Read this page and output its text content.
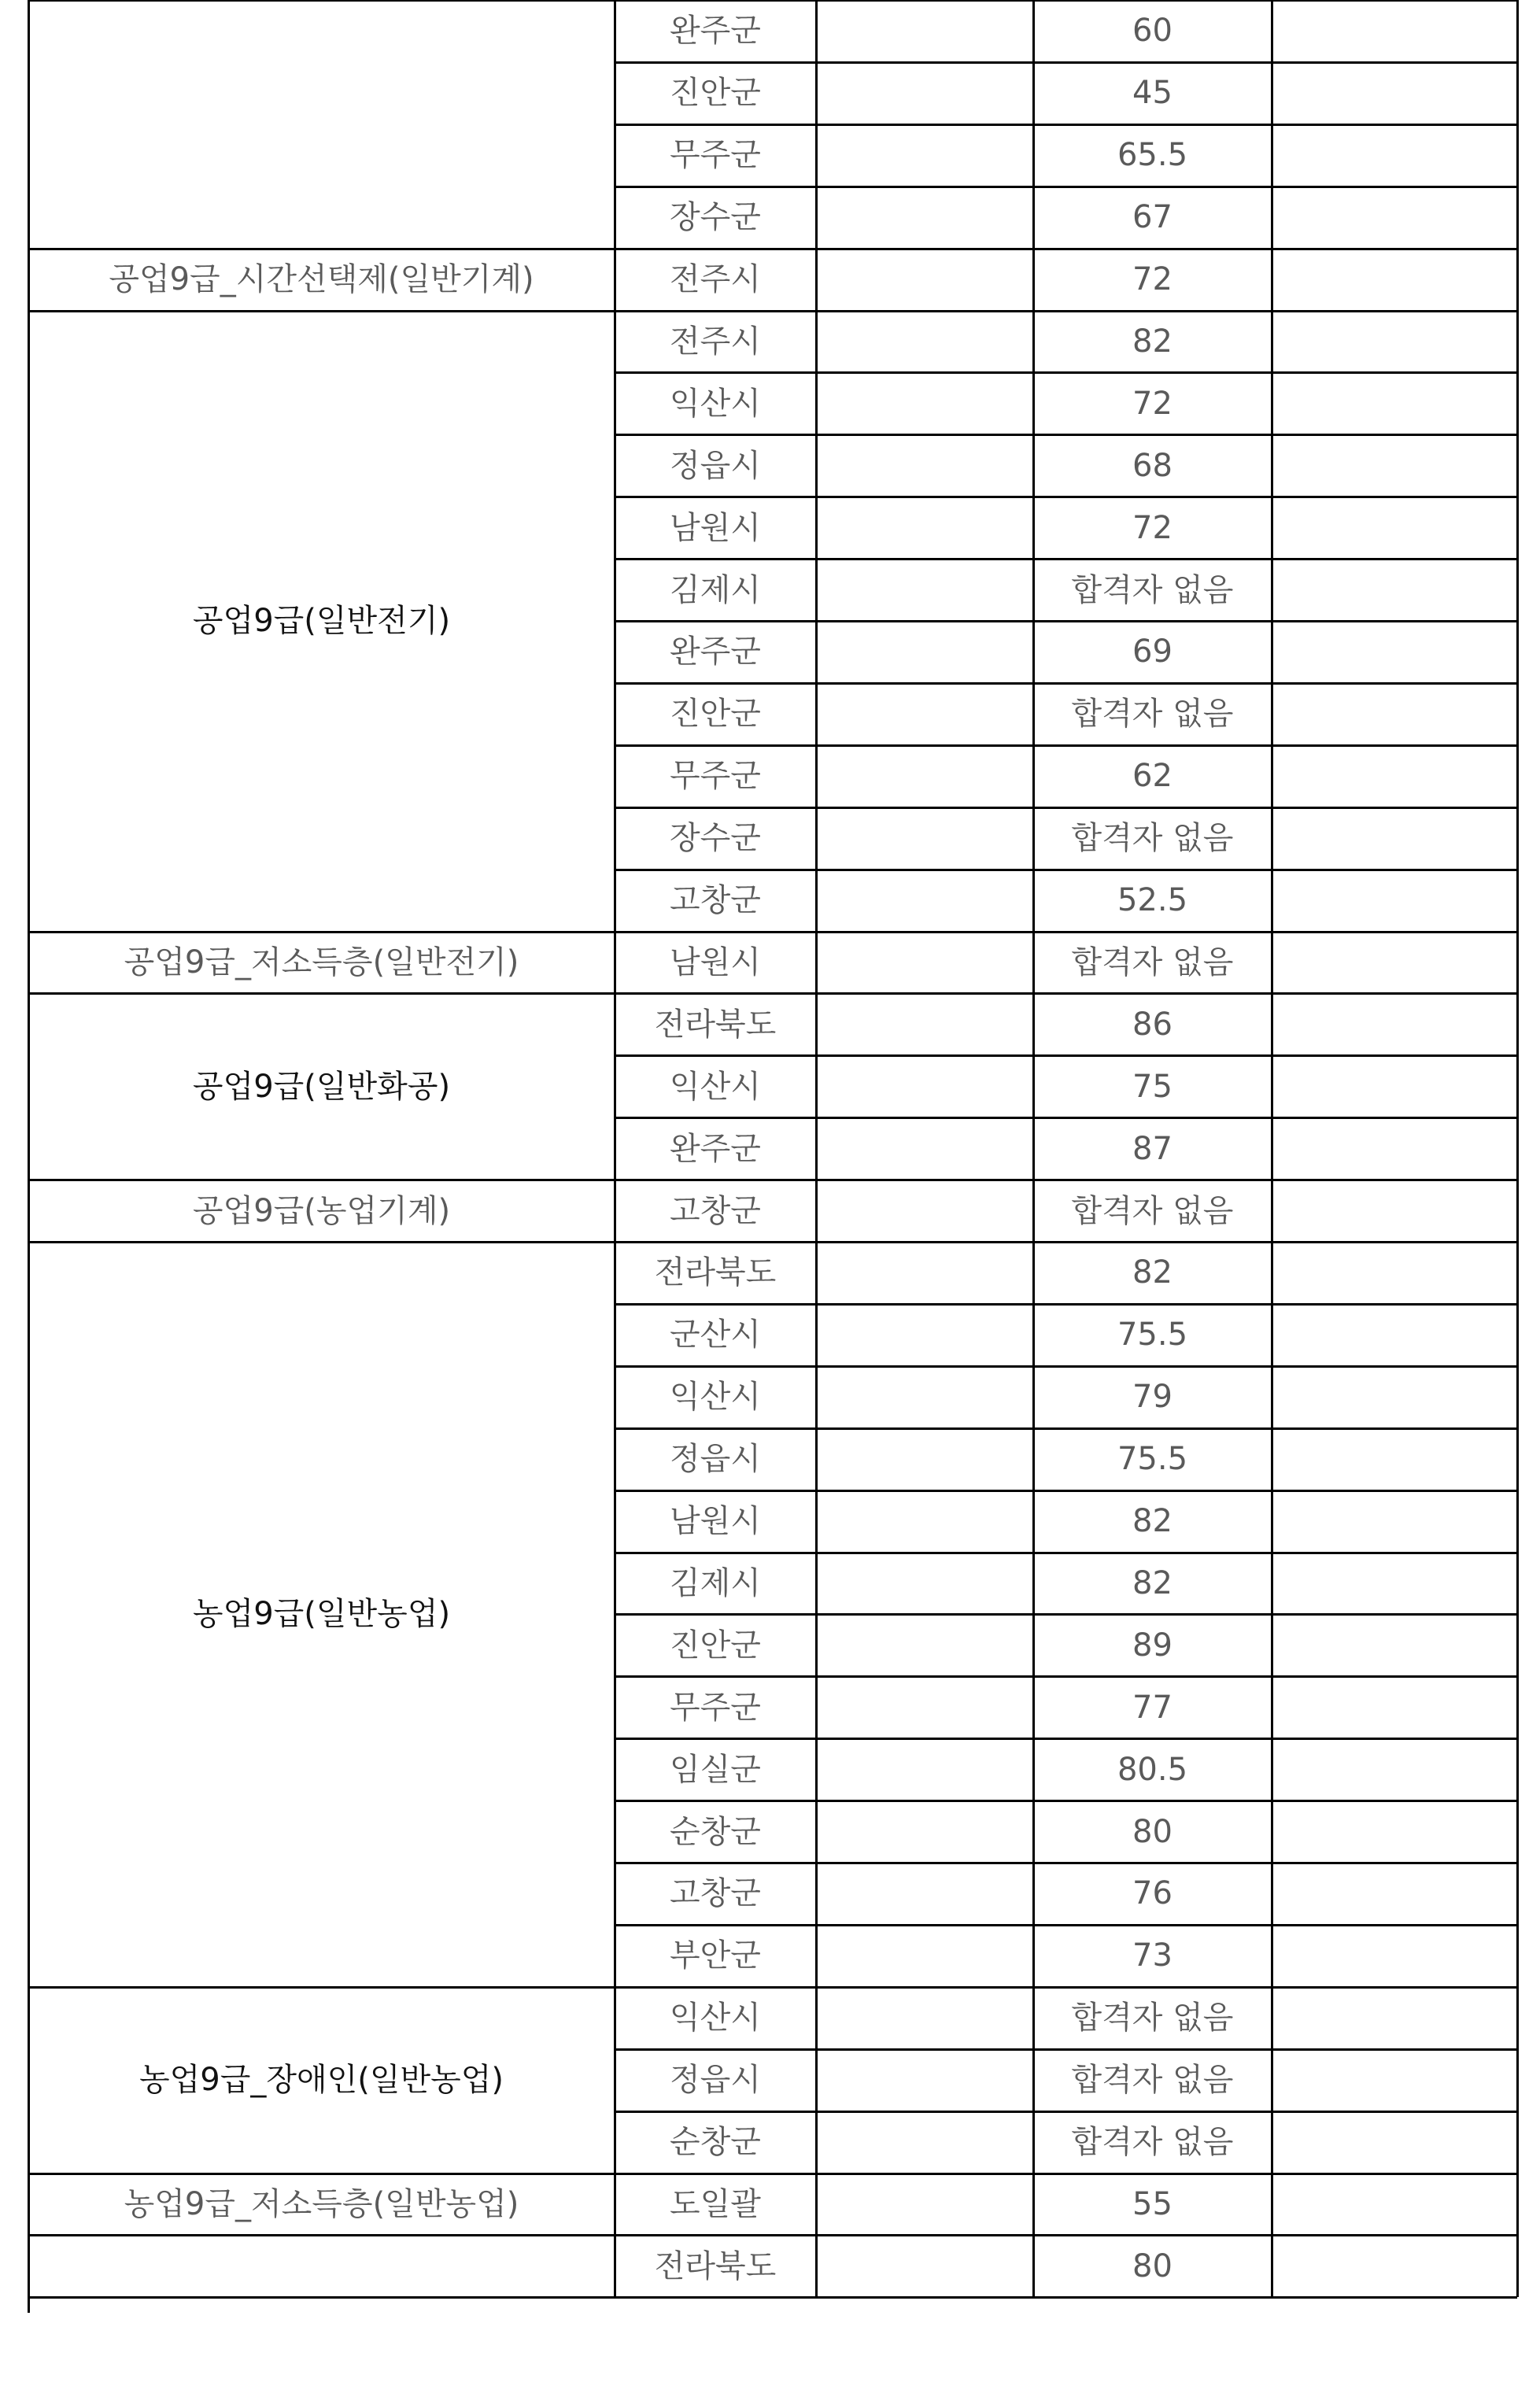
완주군	60
진안군	45
무주군	65.5
장수군	67
공업9급_시간선택제(일반기계)	전주시	72
공업9급(일반전기)
전주시	82
익산시	72
정읍시	68
남원시	72
김제시	합격자 없음
완주군	69
진안군	합격자 없음
무주군	62
장수군	합격자 없음
고창군	52.5
공업9급_저소득층(일반전기)	남원시	합격자 없음
공업9급(일반화공)
전라북도	86
익산시	75
완주군	87
공업9급(농업기계)	고창군	합격자 없음
농업9급(일반농업)
전라북도	82
군산시	75.5
익산시	79
정읍시	75.5
남원시	82
김제시	82
진안군	89
무주군	77
임실군	80.5
순창군	80
고창군	76
부안군	73
농업9급_장애인(일반농업)
익산시	합격자 없음
정읍시	합격자 없음
순창군	합격자 없음
농업9급_저소득층(일반농업)	도일괄	55
전라북도	80
